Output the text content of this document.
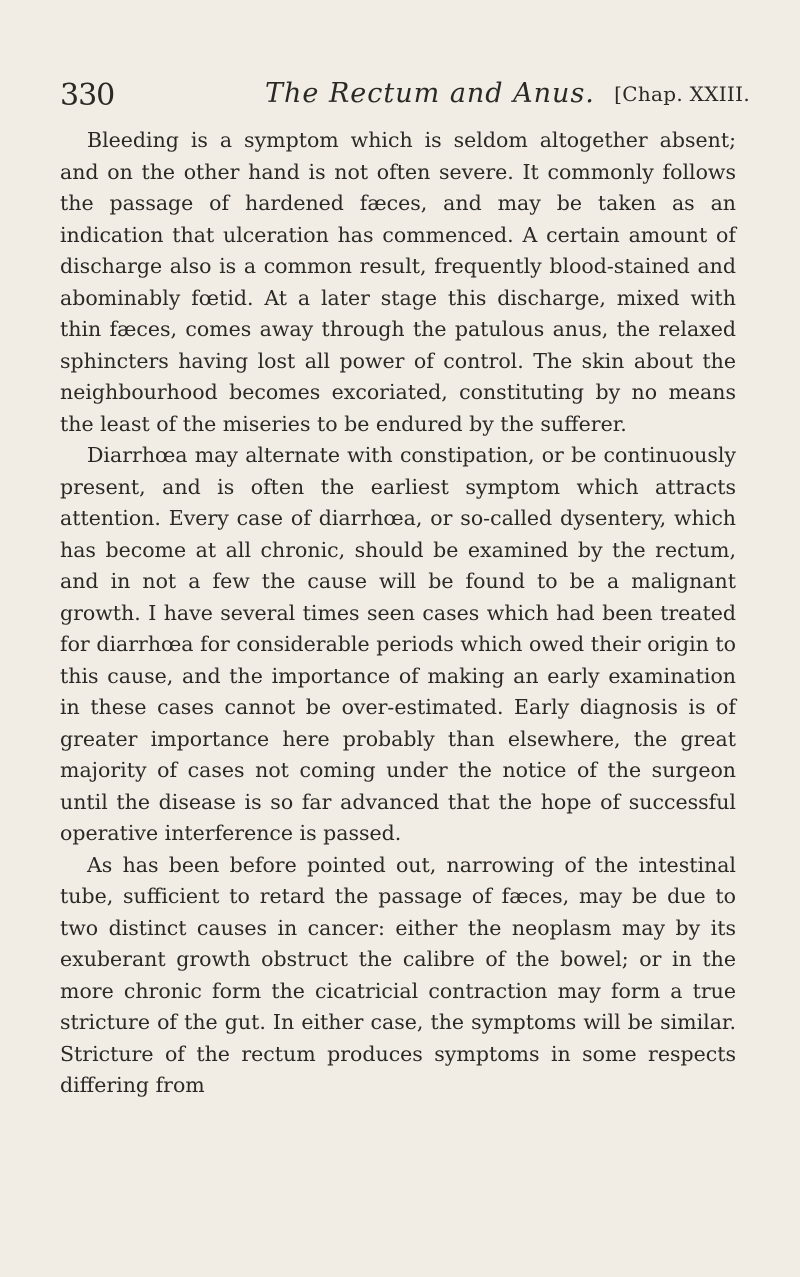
330	The Rectum and Anus. [Chap. XXIII.

Bleeding is a symptom which is seldom altogether absent; and on the other hand is not often severe. It commonly follows the passage of hardened fæces, and may be taken as an indication that ulceration has commenced. A certain amount of discharge also is a common result, frequently blood-stained and abominably fœtid. At a later stage this discharge, mixed with thin fæces, comes away through the patulous anus, the relaxed sphincters having lost all power of control. The skin about the neighbourhood becomes excoriated, constituting by no means the least of the miseries to be endured by the sufferer.

Diarrhœa may alternate with constipation, or be continuously present, and is often the earliest symptom which attracts attention. Every case of diarrhœa, or so-called dysentery, which has become at all chronic, should be examined by the rectum, and in not a few the cause will be found to be a malignant growth. I have several times seen cases which had been treated for diarrhœa for considerable periods which owed their origin to this cause, and the importance of making an early examination in these cases cannot be over-estimated. Early diagnosis is of greater importance here probably than elsewhere, the great majority of cases not coming under the notice of the surgeon until the disease is so far advanced that the hope of successful operative interference is passed.

As has been before pointed out, narrowing of the intestinal tube, sufficient to retard the passage of fæces, may be due to two distinct causes in cancer: either the neoplasm may by its exuberant growth obstruct the calibre of the bowel; or in the more chronic form the cicatricial contraction may form a true stricture of the gut. In either case, the symptoms will be similar. Stricture of the rectum produces symptoms in some respects differing from
